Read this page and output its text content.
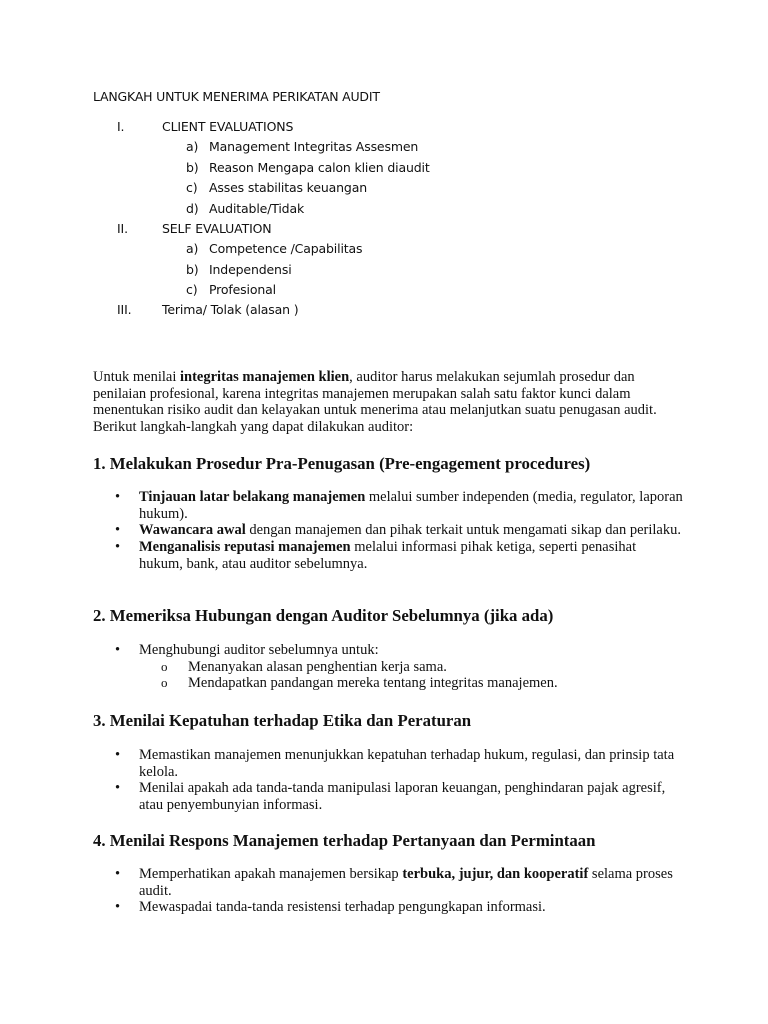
LANGKAH UNTUK MENERIMA PERIKATAN AUDIT
I.	CLIENT EVALUATIONS
a) Management Integritas Assesmen
b) Reason Mengapa calon klien diaudit
c) Asses stabilitas keuangan
d) Auditable/Tidak
II.	SELF EVALUATION
a) Competence /Capabilitas
b) Independensi
c) Profesional
III. Terima/ Tolak (alasan )
Untuk menilai integritas manajemen klien, auditor harus melakukan sejumlah prosedur dan penilaian profesional, karena integritas manajemen merupakan salah satu faktor kunci dalam menentukan risiko audit dan kelayakan untuk menerima atau melanjutkan suatu penugasan audit. Berikut langkah-langkah yang dapat dilakukan auditor:
1. Melakukan Prosedur Pra-Penugasan (Pre-engagement procedures)
• Tinjauan latar belakang manajemen melalui sumber independen (media, regulator, laporan hukum).
• Wawancara awal dengan manajemen dan pihak terkait untuk mengamati sikap dan perilaku.
• Menganalisis reputasi manajemen melalui informasi pihak ketiga, seperti penasihat hukum, bank, atau auditor sebelumnya.
2. Memeriksa Hubungan dengan Auditor Sebelumnya (jika ada)
• Menghubungi auditor sebelumnya untuk:
o Menanyakan alasan penghentian kerja sama.
o Mendapatkan pandangan mereka tentang integritas manajemen.
3. Menilai Kepatuhan terhadap Etika dan Peraturan
• Memastikan manajemen menunjukkan kepatuhan terhadap hukum, regulasi, dan prinsip tata kelola.
• Menilai apakah ada tanda-tanda manipulasi laporan keuangan, penghindaran pajak agresif, atau penyembunyian informasi.
4. Menilai Respons Manajemen terhadap Pertanyaan dan Permintaan
• Memperhatikan apakah manajemen bersikap terbuka, jujur, dan kooperatif selama proses audit.
• Mewaspadai tanda-tanda resistensi terhadap pengungkapan informasi.
